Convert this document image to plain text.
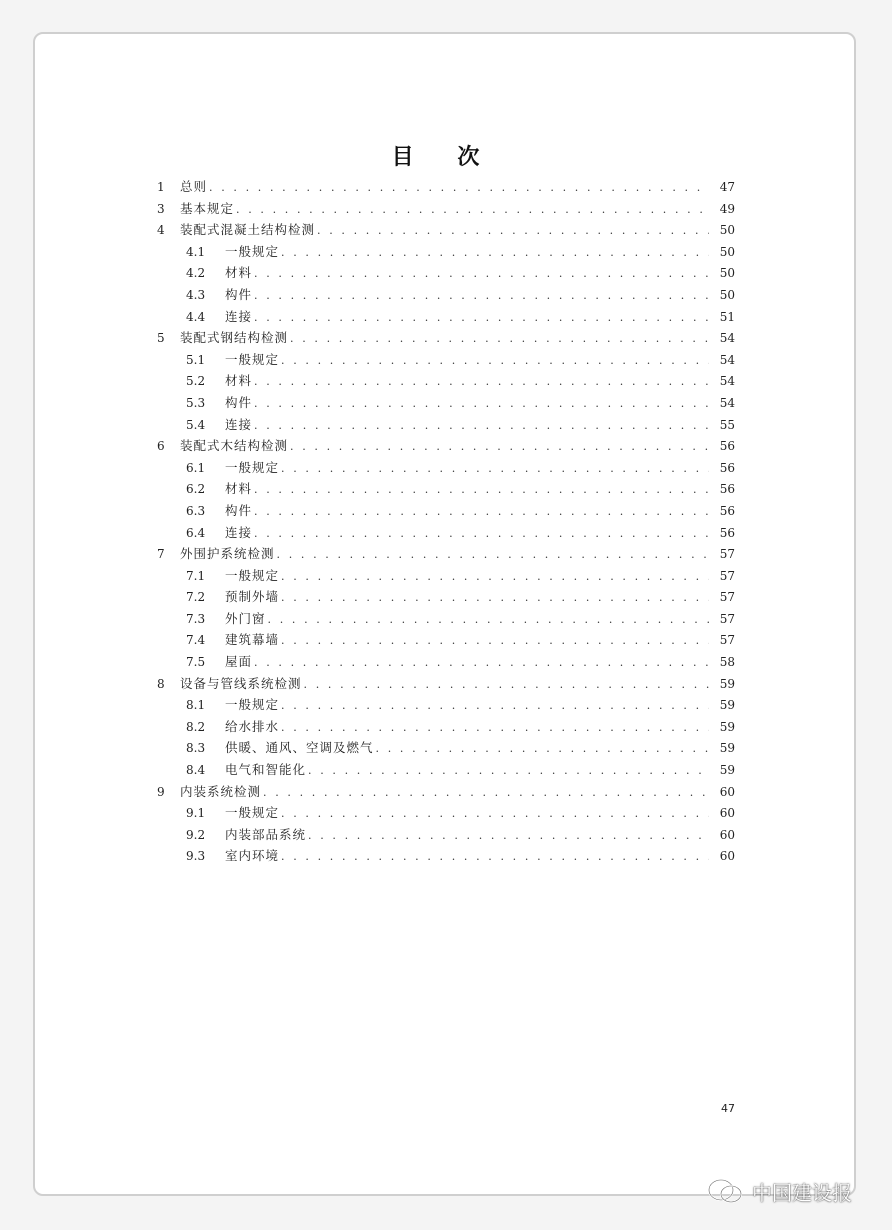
目 次
1	总则 . . .	47
3	基本规定 . . .	49
4	装配式混凝土结构检测 . . .	50
4.1	一般规定 . . .	50
4.2	材料 . . .	50
4.3	构件 . . .	50
4.4	连接 . . .	51
5	装配式钢结构检测 . . .	54
5.1	一般规定 . . .	54
5.2	材料 . . .	54
5.3	构件 . . .	54
5.4	连接 . . .	55
6	装配式木结构检测 . . .	56
6.1	一般规定 . . .	56
6.2	材料 . . .	56
6.3	构件 . . .	56
6.4	连接 . . .	56
7	外围护系统检测 . . .	57
7.1	一般规定 . . .	57
7.2	预制外墙 . . .	57
7.3	外门窗 . . .	57
7.4	建筑幕墙 . . .	57
7.5	屋面 . . .	58
8	设备与管线系统检测 . . .	59
8.1	一般规定 . . .	59
8.2	给水排水 . . .	59
8.3	供暖、通风、空调及燃气 . . .	59
8.4	电气和智能化 . . .	59
9	内装系统检测 . . .	60
9.1	一般规定 . . .	60
9.2	内装部品系统 . . .	60
9.3	室内环境 . . .	60
47
中国建设报
